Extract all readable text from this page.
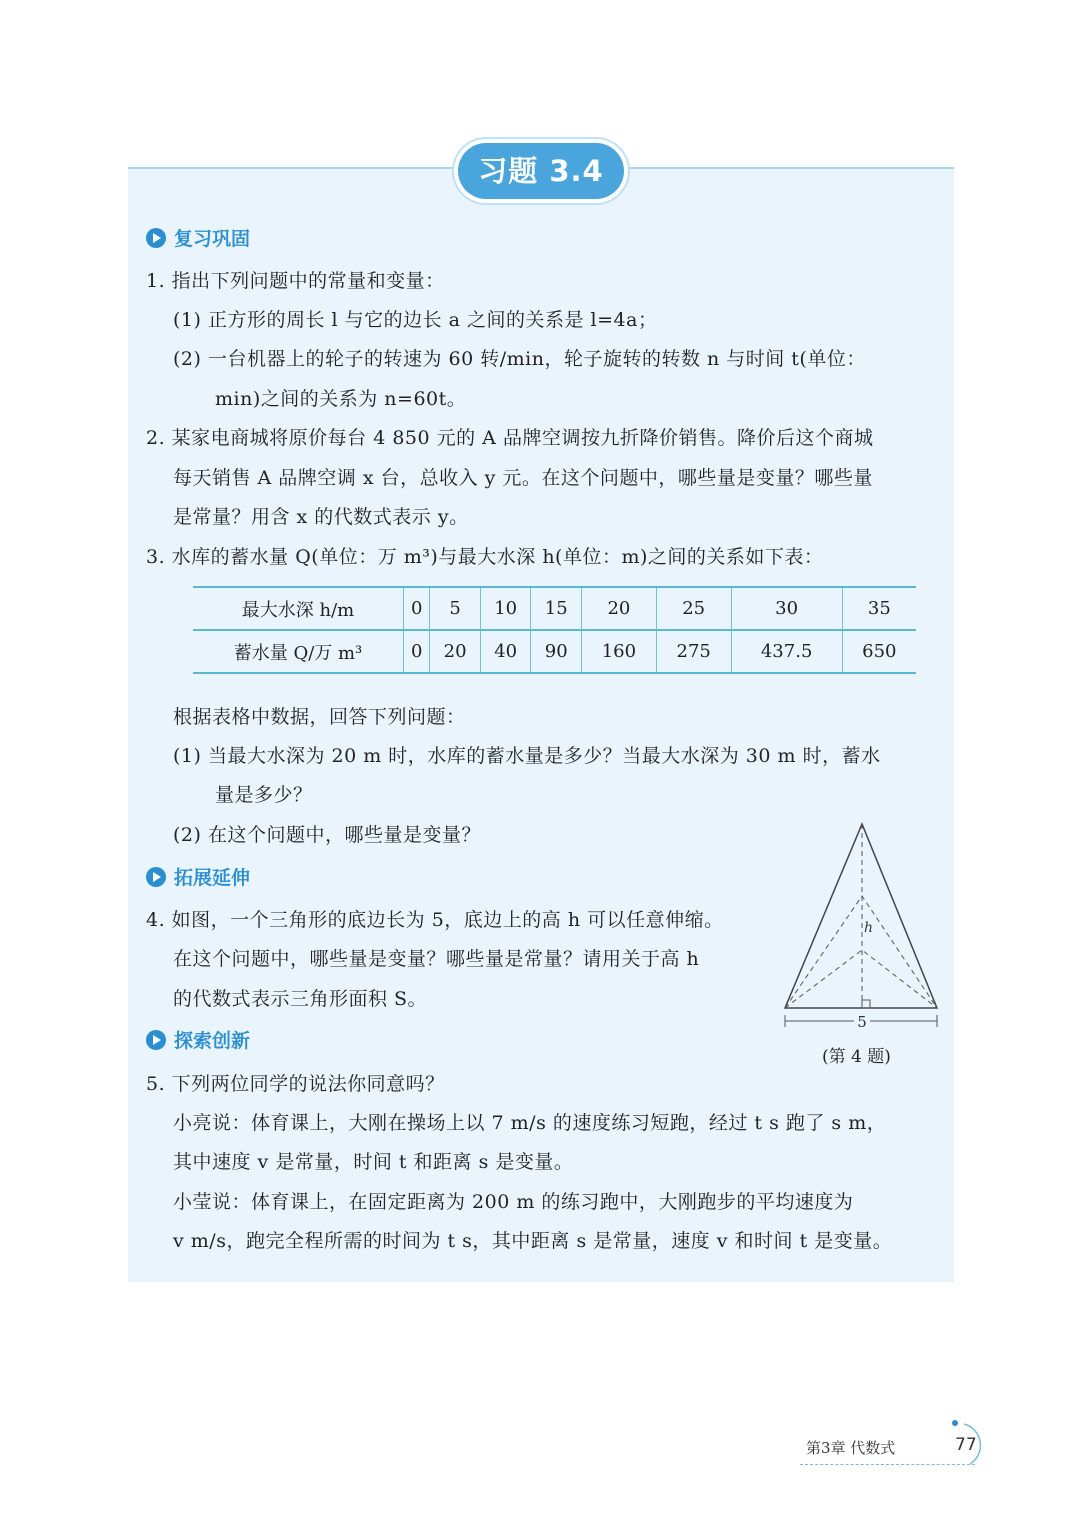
习题 3.4
复习巩固
1. 指出下列问题中的常量和变量：
(1) 正方形的周长 l 与它的边长 a 之间的关系是 l=4a；
(2) 一台机器上的轮子的转速为 60 转/min，轮子旋转的转数 n 与时间 t(单位：
min)之间的关系为 n=60t。
2. 某家电商城将原价每台 4 850 元的 A 品牌空调按九折降价销售。降价后这个商城
每天销售 A 品牌空调 x 台，总收入 y 元。在这个问题中，哪些量是变量？哪些量
是常量？用含 x 的代数式表示 y。
3. 水库的蓄水量 Q(单位：万 m³)与最大水深 h(单位：m)之间的关系如下表：
最大水深 h/m	0	5	10	15	20	25	30	35
蓄水量 Q/万 m³	0	20	40	90	160	275	437.5	650
根据表格中数据，回答下列问题：
(1) 当最大水深为 20 m 时，水库的蓄水量是多少？当最大水深为 30 m 时，蓄水
量是多少？
(2) 在这个问题中，哪些量是变量？
拓展延伸
4. 如图，一个三角形的底边长为 5，底边上的高 h 可以任意伸缩。
在这个问题中，哪些量是变量？哪些量是常量？请用关于高 h
的代数式表示三角形面积 S。
h
5
(第 4 题)
探索创新
5. 下列两位同学的说法你同意吗？
小亮说：体育课上，大刚在操场上以 7 m/s 的速度练习短跑，经过 t s 跑了 s m，
其中速度 v 是常量，时间 t 和距离 s 是变量。
小莹说：体育课上，在固定距离为 200 m 的练习跑中，大刚跑步的平均速度为
v m/s，跑完全程所需的时间为 t s，其中距离 s 是常量，速度 v 和时间 t 是变量。
第3章 代数式	77
